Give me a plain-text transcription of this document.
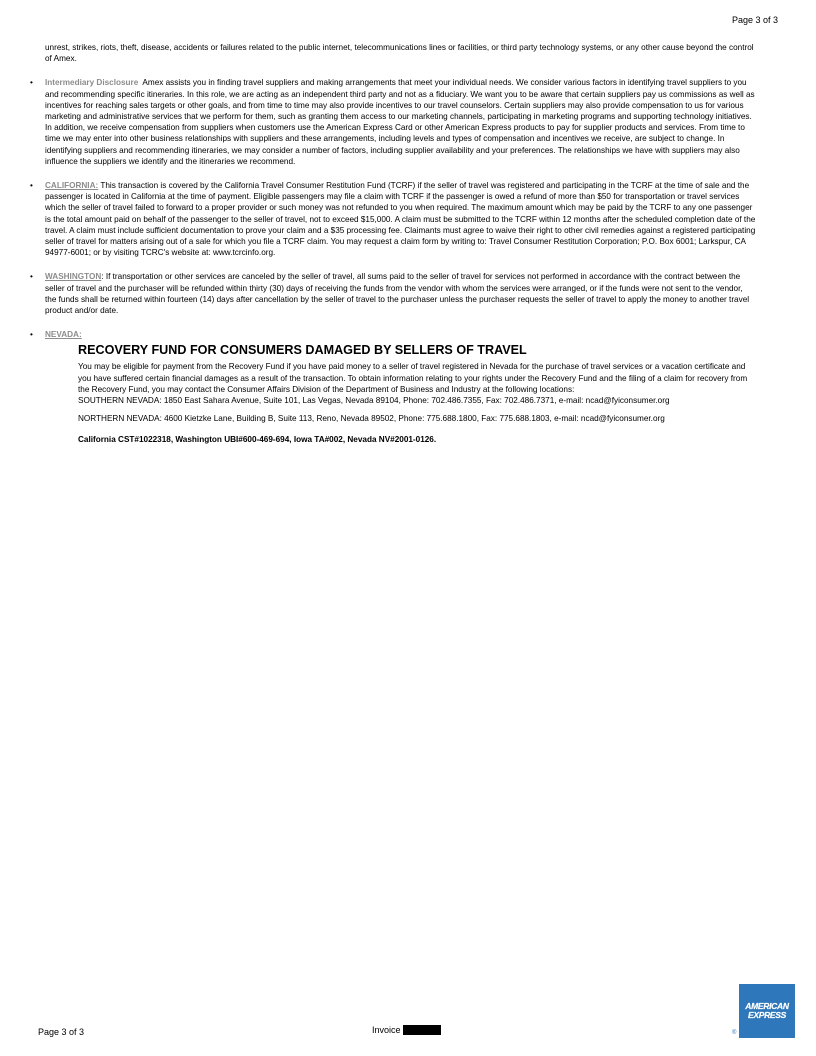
Page 3 of 3

unrest, strikes, riots, theft, disease, accidents or failures related to the public internet, telecommunications lines or facilities, or third party technology systems, or any other cause beyond the control of Amex.

• Intermediary Disclosure Amex assists you in finding travel suppliers and making arrangements that meet your individual needs. We consider various factors in identifying travel suppliers to you and recommending specific itineraries. In this role, we are acting as an independent third party and not as a fiduciary. We want you to be aware that certain suppliers pay us commissions as well as incentives for reaching sales targets or other goals, and from time to time may also provide incentives to our travel counselors. Certain suppliers may also provide compensation to us for various marketing and administrative services that we perform for them, such as granting them access to our marketing channels, participating in marketing programs and supporting technology initiatives. In addition, we receive compensation from suppliers when customers use the American Express Card or other American Express products to pay for supplier products and services. From time to time we may enter into other business relationships with suppliers and these arrangements, including levels and types of compensation and incentives we receive, are subject to change. In identifying suppliers and recommending itineraries, we may consider a number of factors, including supplier availability and your preferences. The relationships we have with suppliers may also influence the suppliers we identify and the itineraries we recommend.

• CALIFORNIA: This transaction is covered by the California Travel Consumer Restitution Fund (TCRF) if the seller of travel was registered and participating in the TCRF at the time of sale and the passenger is located in California at the time of payment. Eligible passengers may file a claim with TCRF if the passenger is owed a refund of more than $50 for transportation or travel services which the seller of travel failed to forward to a proper provider or such money was not refunded to you when required. The maximum amount which may be paid by the TCRF to any one passenger is the total amount paid on behalf of the passenger to the seller of travel, not to exceed $15,000. A claim must be submitted to the TCRF within 12 months after the scheduled completion date of the travel. A claim must include sufficient documentation to prove your claim and a $35 processing fee. Claimants must agree to waive their right to other civil remedies against a registered participating seller of travel for matters arising out of a sale for which you file a TCRF claim. You may request a claim form by writing to: Travel Consumer Restitution Corporation; P.O. Box 6001; Larkspur, CA 94977-6001; or by visiting TCRC's website at: www.tcrcinfo.org.

• WASHINGTON: If transportation or other services are canceled by the seller of travel, all sums paid to the seller of travel for services not performed in accordance with the contract between the seller of travel and the purchaser will be refunded within thirty (30) days of receiving the funds from the vendor with whom the services were arranged, or if the funds were not sent to the vendor, the funds shall be returned within fourteen (14) days after cancellation by the seller of travel to the purchaser unless the purchaser requests the seller of travel to apply the money to another travel product and/or date.

• NEVADA:

RECOVERY FUND FOR CONSUMERS DAMAGED BY SELLERS OF TRAVEL

You may be eligible for payment from the Recovery Fund if you have paid money to a seller of travel registered in Nevada for the purchase of travel services or a vacation certificate and you have suffered certain financial damages as a result of the transaction. To obtain information relating to your rights under the Recovery Fund and the filing of a claim for recovery from the Recovery Fund, you may contact the Consumer Affairs Division of the Department of Business and Industry at the following locations:

SOUTHERN NEVADA: 1850 East Sahara Avenue, Suite 101, Las Vegas, Nevada 89104, Phone: 702.486.7355, Fax: 702.486.7371, e-mail: ncad@fyiconsumer.org

NORTHERN NEVADA: 4600 Kietzke Lane, Building B, Suite 113, Reno, Nevada 89502, Phone: 775.688.1800, Fax: 775.688.1803, e-mail: ncad@fyiconsumer.org

California CST#1022318, Washington UBI#600-469-694, Iowa TA#002, Nevada NV#2001-0126.

Page 3 of 3	Invoice
AMERICAN
EXPRESS
®
